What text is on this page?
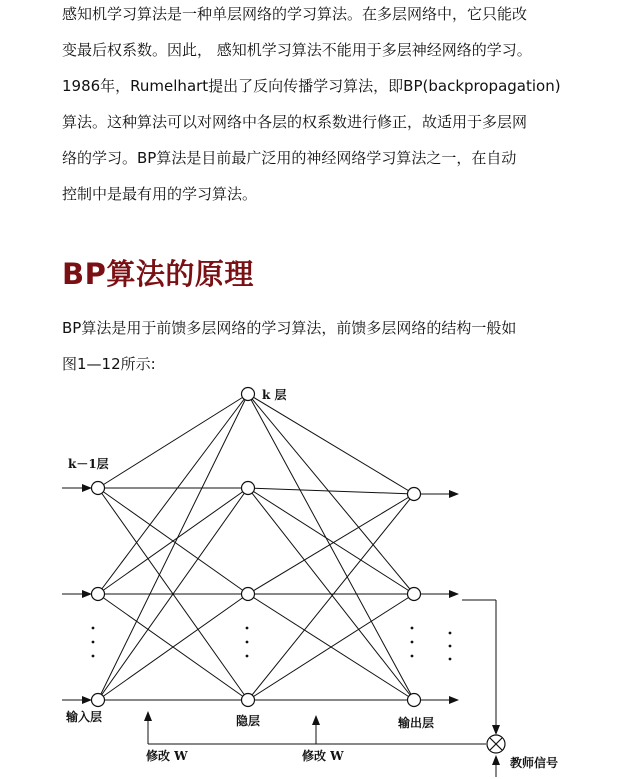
感知机学习算法是一种单层网络的学习算法。在多层网络中，它只能改
变最后权系数。因此， 感知机学习算法不能用于多层神经网络的学习。
1986年，Rumelhart提出了反向传播学习算法，即BP(backpropagation)
算法。这种算法可以对网络中各层的权系数进行修正，故适用于多层网
络的学习。BP算法是目前最广泛用的神经网络学习算法之一，在自动
控制中是最有用的学习算法。

BP算法的原理

BP算法是用于前馈多层网络的学习算法，前馈多层网络的结构一般如
图1—12所示:

k 层
k－1层
输入层	隐层	输出层
修改 W	修改 W	教师信号
